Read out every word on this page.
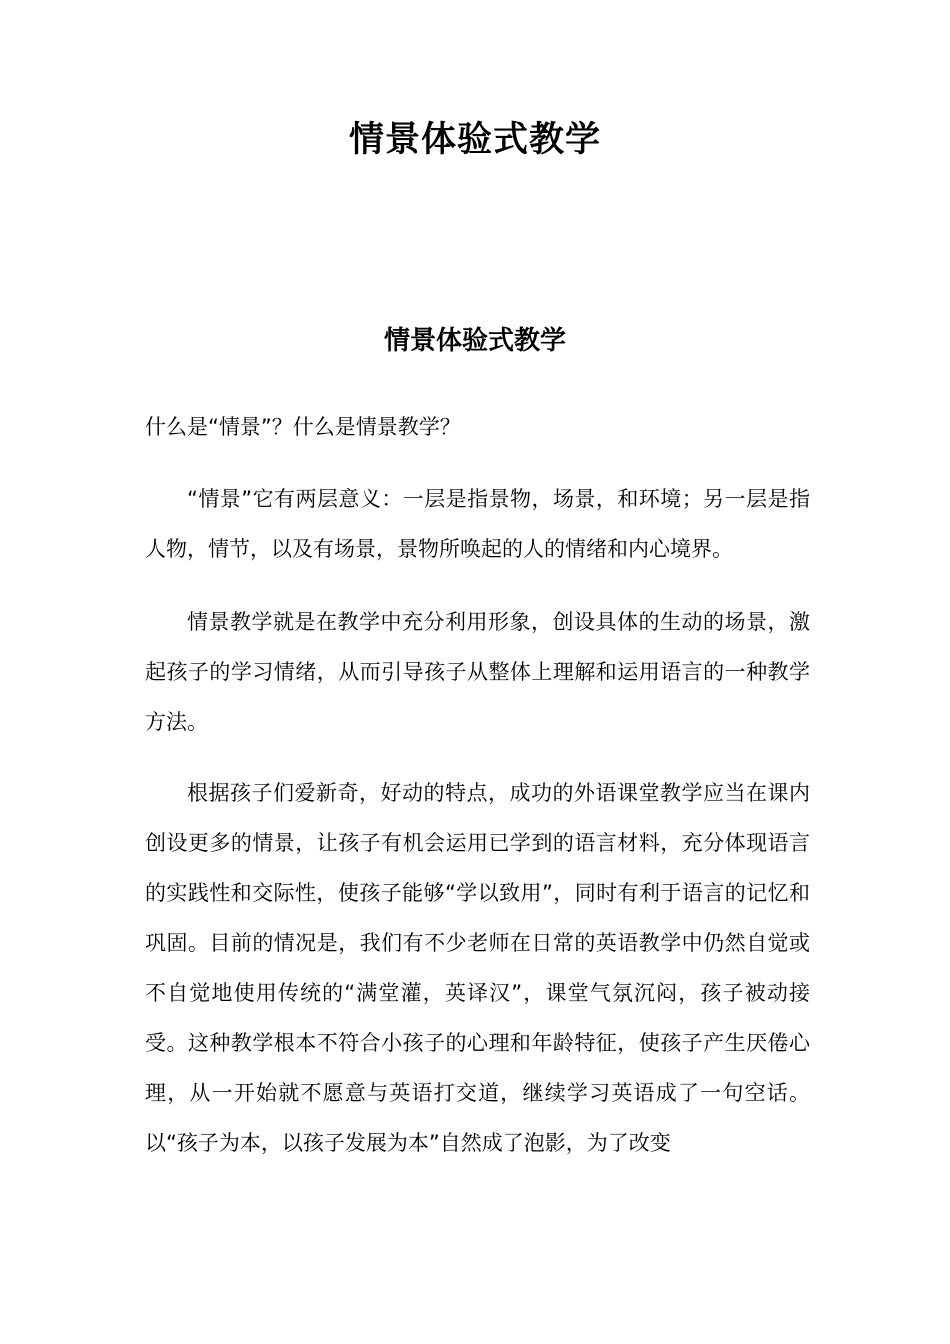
情景体验式教学
情景体验式教学

什么是“情景”？什么是情景教学？

“情景”它有两层意义：一层是指景物，场景，和环境；另一层是指人物，情节，以及有场景，景物所唤起的人的情绪和内心境界。

情景教学就是在教学中充分利用形象，创设具体的生动的场景，激起孩子的学习情绪，从而引导孩子从整体上理解和运用语言的一种教学方法。

根据孩子们爱新奇，好动的特点，成功的外语课堂教学应当在课内创设更多的情景，让孩子有机会运用已学到的语言材料，充分体现语言的实践性和交际性，使孩子能够“学以致用”，同时有利于语言的记忆和巩固。目前的情况是，我们有不少老师在日常的英语教学中仍然自觉或不自觉地使用传统的“满堂灌，英译汉”，课堂气氛沉闷，孩子被动接受。这种教学根本不符合小孩子的心理和年龄特征，使孩子产生厌倦心理，从一开始就不愿意与英语打交道，继续学习英语成了一句空话。以“孩子为本，以孩子发展为本”自然成了泡影，为了改变
